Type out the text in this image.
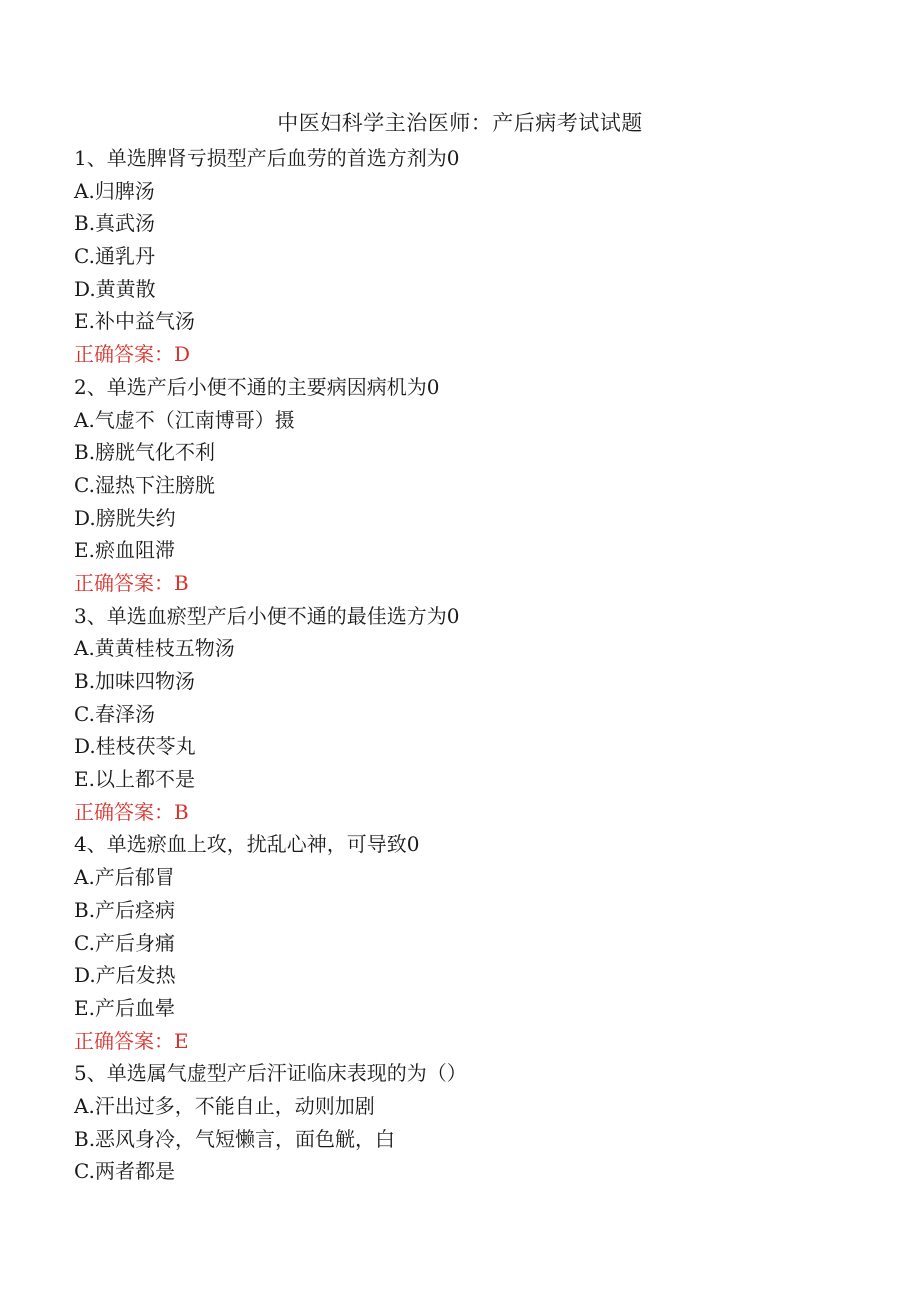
中医妇科学主治医师：产后病考试试题
1、单选脾肾亏损型产后血劳的首选方剂为0
A.归脾汤
B.真武汤
C.通乳丹
D.黄黄散
E.补中益气汤
正确答案：D
2、单选产后小便不通的主要病因病机为0
A.气虚不（江南博哥）摄
B.膀胱气化不利
C.湿热下注膀胱
D.膀胱失约
E.瘀血阻滞
正确答案：B
3、单选血瘀型产后小便不通的最佳选方为0
A.黄黄桂枝五物汤
B.加味四物汤
C.春泽汤
D.桂枝茯苓丸
E.以上都不是
正确答案：B
4、单选瘀血上攻，扰乱心神，可导致0
A.产后郁冒
B.产后痉病
C.产后身痛
D.产后发热
E.产后血晕
正确答案：E
5、单选属气虚型产后汗证临床表现的为（）
A.汗出过多，不能自止，动则加剧
B.恶风身冷，气短懒言，面色觥，白
C.两者都是
